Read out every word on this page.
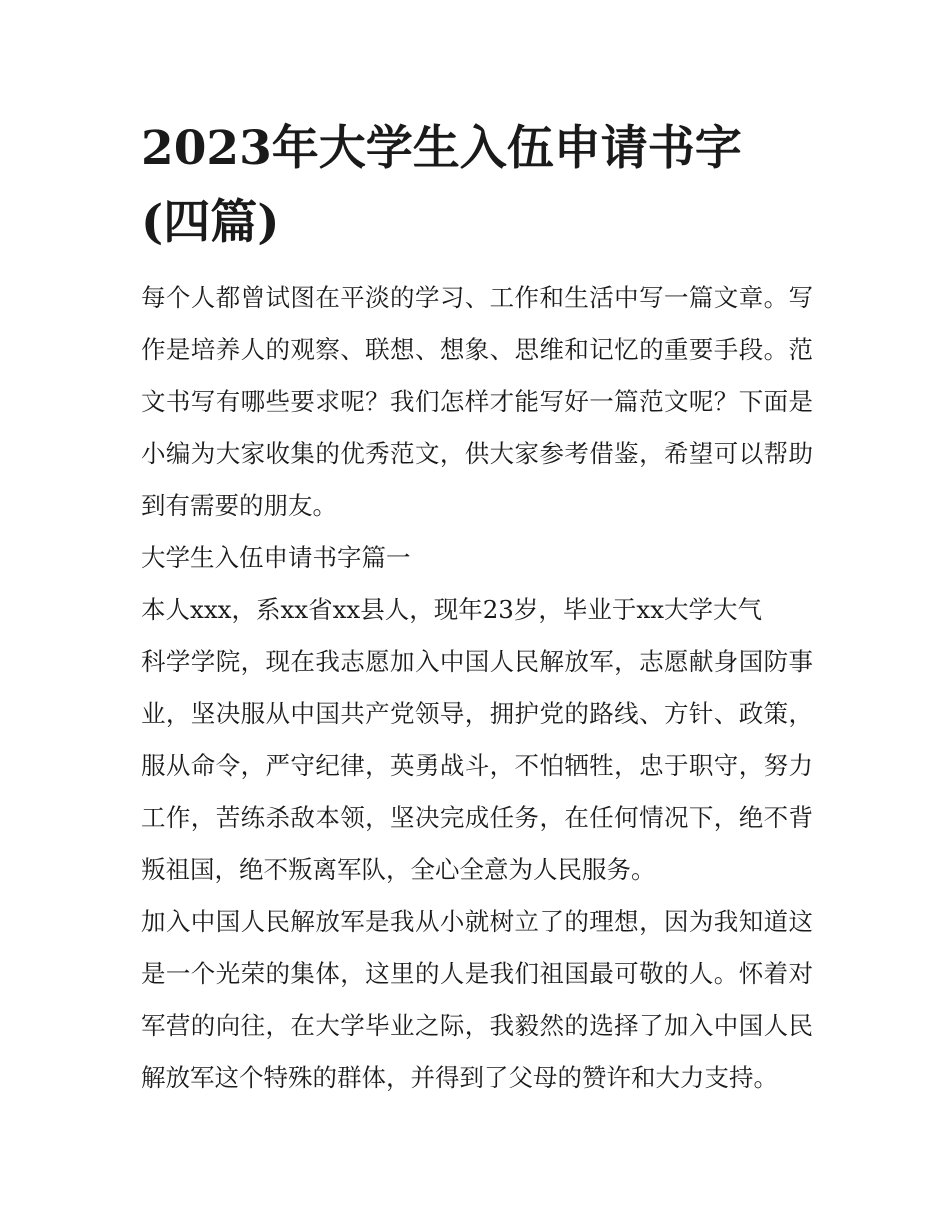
2023年大学生入伍申请书字
(四篇)
每个人都曾试图在平淡的学习、工作和生活中写一篇文章。写
作是培养人的观察、联想、想象、思维和记忆的重要手段。范
文书写有哪些要求呢？我们怎样才能写好一篇范文呢？下面是
小编为大家收集的优秀范文，供大家参考借鉴，希望可以帮助
到有需要的朋友。
大学生入伍申请书字篇一
本人xxx，系xx省xx县人，现年23岁，毕业于xx大学大气
科学学院，现在我志愿加入中国人民解放军，志愿献身国防事
业，坚决服从中国共产党领导，拥护党的路线、方针、政策，
服从命令，严守纪律，英勇战斗，不怕牺牲，忠于职守，努力
工作，苦练杀敌本领，坚决完成任务，在任何情况下，绝不背
叛祖国，绝不叛离军队，全心全意为人民服务。
加入中国人民解放军是我从小就树立了的理想，因为我知道这
是一个光荣的集体，这里的人是我们祖国最可敬的人。怀着对
军营的向往，在大学毕业之际，我毅然的选择了加入中国人民
解放军这个特殊的群体，并得到了父母的赞许和大力支持。
